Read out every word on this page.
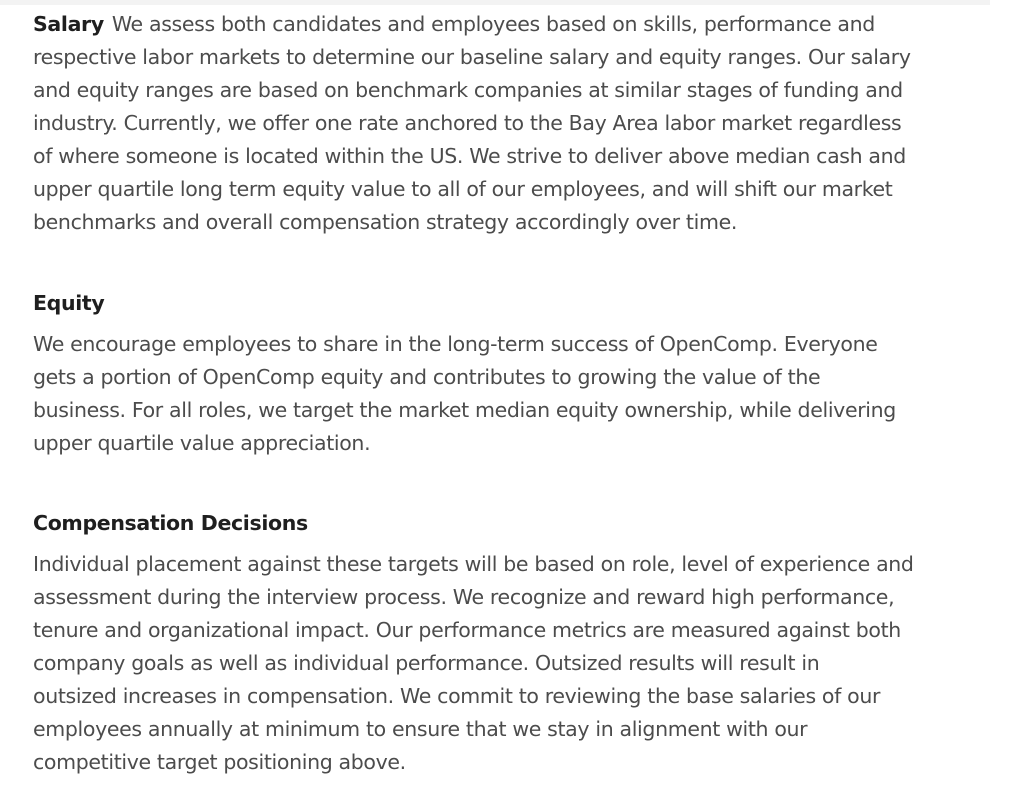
Salary We assess both candidates and employees based on skills, performance and
respective labor markets to determine our baseline salary and equity ranges. Our salary
and equity ranges are based on benchmark companies at similar stages of funding and
industry. Currently, we offer one rate anchored to the Bay Area labor market regardless
of where someone is located within the US. We strive to deliver above median cash and
upper quartile long term equity value to all of our employees, and will shift our market
benchmarks and overall compensation strategy accordingly over time.

Equity

We encourage employees to share in the long-term success of OpenComp. Everyone
gets a portion of OpenComp equity and contributes to growing the value of the
business. For all roles, we target the market median equity ownership, while delivering
upper quartile value appreciation.

Compensation Decisions

Individual placement against these targets will be based on role, level of experience and
assessment during the interview process. We recognize and reward high performance,
tenure and organizational impact. Our performance metrics are measured against both
company goals as well as individual performance. Outsized results will result in
outsized increases in compensation. We commit to reviewing the base salaries of our
employees annually at minimum to ensure that we stay in alignment with our
competitive target positioning above.
